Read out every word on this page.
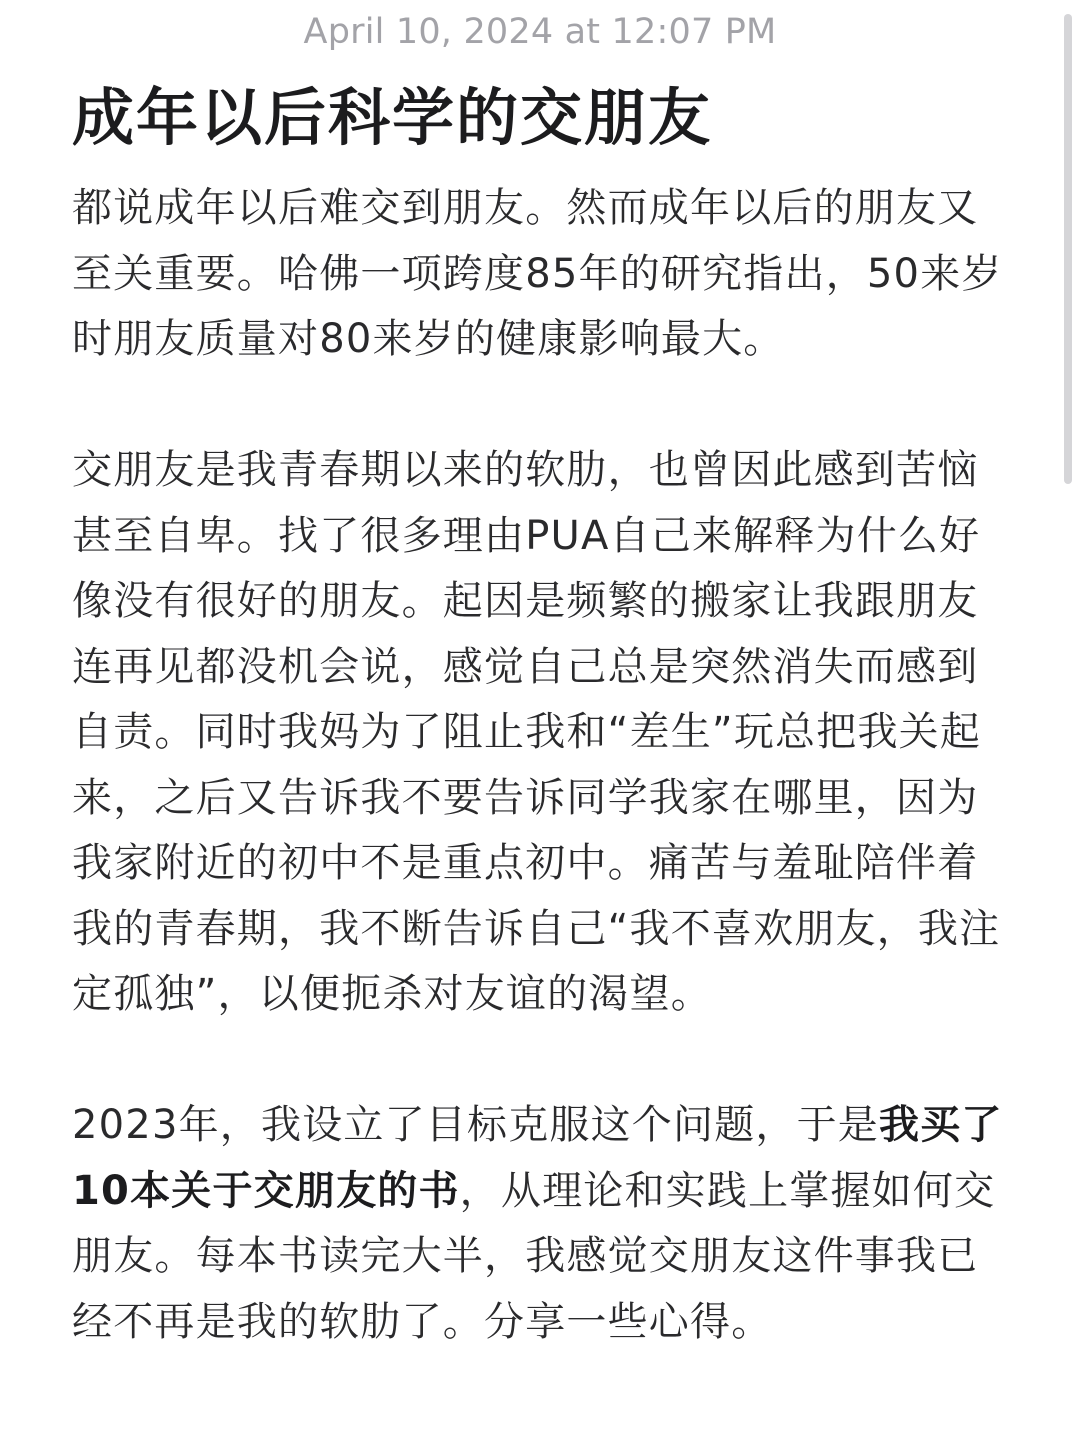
April 10, 2024 at 12:07 PM
成年以后科学的交朋友

都说成年以后难交到朋友。然而成年以后的朋友又至关重要。哈佛一项跨度85年的研究指出，50来岁时朋友质量对80来岁的健康影响最大。

交朋友是我青春期以来的软肋，也曾因此感到苦恼甚至自卑。找了很多理由PUA自己来解释为什么好像没有很好的朋友。起因是频繁的搬家让我跟朋友连再见都没机会说，感觉自己总是突然消失而感到自责。同时我妈为了阻止我和“差生”玩总把我关起来，之后又告诉我不要告诉同学我家在哪里，因为我家附近的初中不是重点初中。痛苦与羞耻陪伴着我的青春期，我不断告诉自己“我不喜欢朋友，我注定孤独”，以便扼杀对友谊的渴望。

2023年，我设立了目标克服这个问题，于是我买了10本关于交朋友的书，从理论和实践上掌握如何交朋友。每本书读完大半，我感觉交朋友这件事我已经不再是我的软肋了。分享一些心得。
